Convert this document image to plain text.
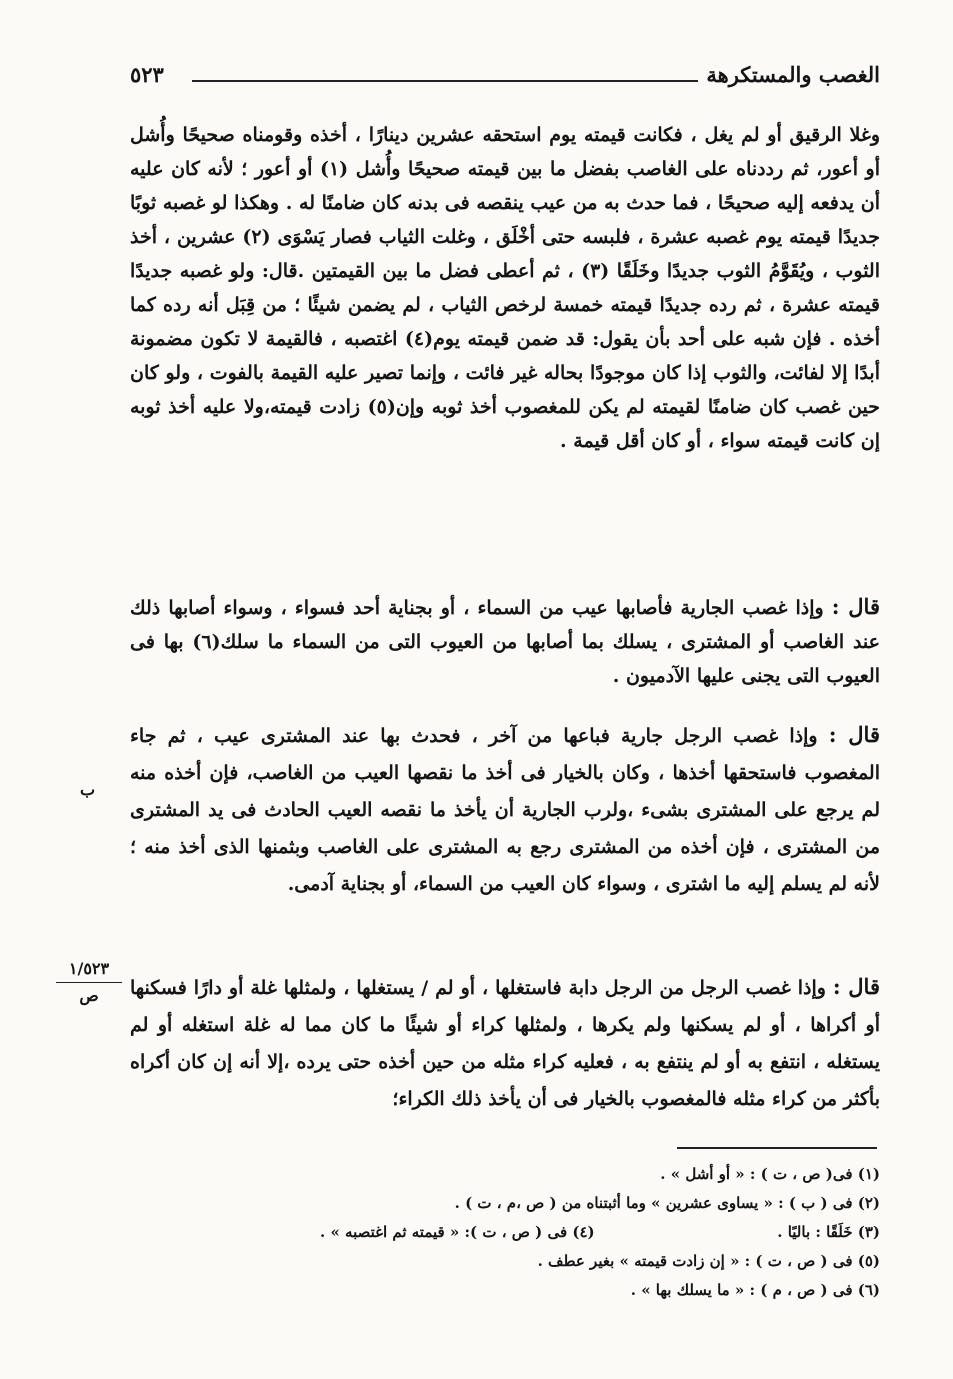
الغصب والمستكرهة
٥٢٣

وغلا الرقيق أو لم يغل ، فكانت قيمته يوم استحقه عشرين دينارًا ، أخذه وقومناه صحيحًا وأُشل أو أعور، ثم رددناه على الغاصب بفضل ما بين قيمته صحيحًا وأُشل (١) أو أعور ؛ لأنه كان عليه أن يدفعه إليه صحيحًا ، فما حدث به من عيب ينقصه فى بدنه كان ضامنًا له . وهكذا لو غصبه ثوبًا جديدًا قيمته يوم غصبه عشرة ، فلبسه حتى أخْلَق ، وغلت الثياب فصار يَسْوَى (٢) عشرين ، أخذ الثوب ، ويُقَوَّمُ الثوب جديدًا وخَلَقًا (٣) ، ثم أعطى فضل ما بين القيمتين .قال: ولو غصبه جديدًا قيمته عشرة ، ثم رده جديدًا قيمته خمسة لرخص الثياب ، لم يضمن شيئًا ؛ من قِبَل أنه رده كما أخذه . فإن شبه على أحد بأن يقول: قد ضمن قيمته يوم(٤) اغتصبه ، فالقيمة لا تكون مضمونة أبدًا إلا لفائت، والثوب إذا كان موجودًا بحاله غير فائت ، وإنما تصير عليه القيمة بالفوت ، ولو كان حين غصب كان ضامنًا لقيمته لم يكن للمغصوب أخذ ثوبه وإن(٥) زادت قيمته،ولا عليه أخذ ثوبه إن كانت قيمته سواء ، أو كان أقل قيمة .

قال : وإذا غصب الجارية فأصابها عيب من السماء ، أو بجناية أحد فسواء ، وسواء أصابها ذلك عند الغاصب أو المشترى ، يسلك بما أصابها من العيوب التى من السماء ما سلك(٦) بها فى العيوب التى يجنى عليها الآدميون .

قال : وإذا غصب الرجل جارية فباعها من آخر ، فحدث بها عند المشترى عيب ، ثم جاء المغصوب فاستحقها أخذها ، وكان بالخيار فى أخذ ما نقصها العيب من الغاصب، فإن أخذه منه لم يرجع على المشترى بشىء ،ولرب الجارية أن يأخذ ما نقصه العيب الحادث فى يد المشترى من المشترى ، فإن أخذه من المشترى رجع به المشترى على الغاصب وبثمنها الذى أخذ منه ؛ لأنه لم يسلم إليه ما اشترى ، وسواء كان العيب من السماء، أو بجناية آدمى.

قال : وإذا غصب الرجل من الرجل دابة فاستغلها ، أو لم / يستغلها ، ولمثلها غلة أو دارًا فسكنها أو أكراها ، أو لم يسكنها ولم يكرها ، ولمثلها كراء أو شيئًا ما كان مما له غلة استغله أو لم يستغله ، انتفع به أو لم ينتفع به ، فعليه كراء مثله من حين أخذه حتى يرده ،إلا أنه إن كان أكراه بأكثر من كراء مثله فالمغصوب بالخيار فى أن يأخذ ذلك الكراء؛

ب
١/٥٢٣
ص
(١) فى( ص ، ت ) : « أو أشل » .
(٢) فى ( ب ) : « يساوى عشرين » وما أثبتناه من ( ص ،م ، ت ) .
(٣) خَلَقًا : باليًا .
(٤) فى ( ص ، ت ): « قيمته ثم اغتصبه » .
(٥) فى ( ص ، ت ) : « إن زادت قيمته » بغير عطف .
(٦) فى ( ص ، م ) : « ما يسلك بها » .
